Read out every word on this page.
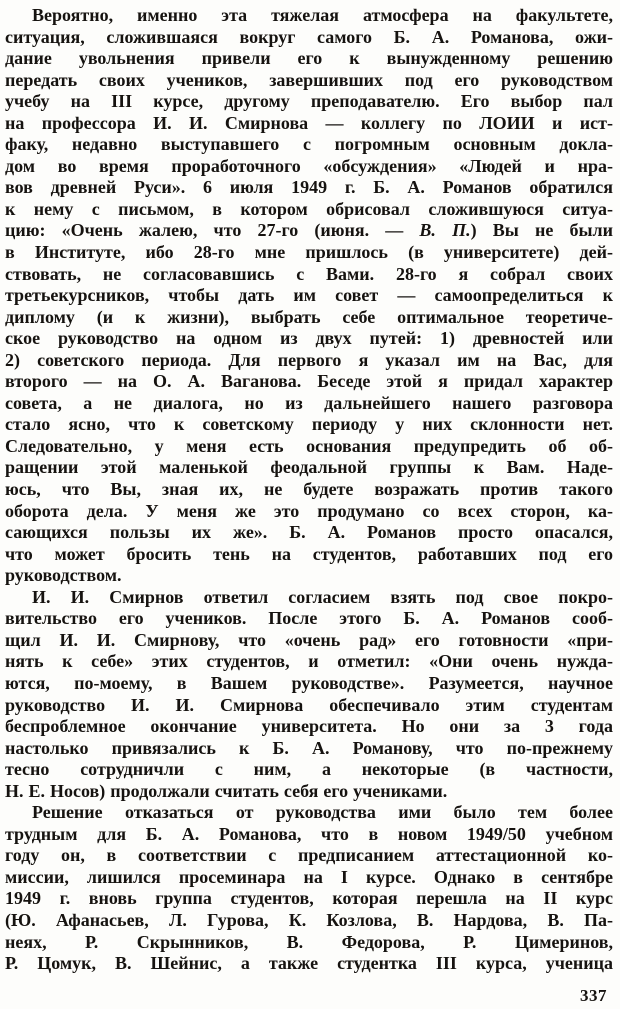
Вероятно, именно эта тяжелая атмосфера на факультете,
ситуация, сложившаяся вокруг самого Б. А. Романова, ожи-
дание увольнения привели его к вынужденному решению
передать своих учеников, завершивших под его руководством
учебу на III курсе, другому преподавателю. Его выбор пал
на профессора И. И. Смирнова — коллегу по ЛОИИ и ист-
факу, недавно выступавшего с погромным основным докла-
дом во время проработочного «обсуждения» «Людей и нра-
вов древней Руси». 6 июля 1949 г. Б. А. Романов обратился
к нему с письмом, в котором обрисовал сложившуюся ситуа-
цию: «Очень жалею, что 27-го (июня. — В. П.) Вы не были
в Институте, ибо 28-го мне пришлось (в университете) дей-
ствовать, не согласовавшись с Вами. 28-го я собрал своих
третьекурсников, чтобы дать им совет — самоопределиться к
диплому (и к жизни), выбрать себе оптимальное теоретиче-
ское руководство на одном из двух путей: 1) древностей или
2) советского периода. Для первого я указал им на Вас, для
второго — на О. А. Ваганова. Беседе этой я придал характер
совета, а не диалога, но из дальнейшего нашего разговора
стало ясно, что к советскому периоду у них склонности нет.
Следовательно, у меня есть основания предупредить об об-
ращении этой маленькой феодальной группы к Вам. Наде-
юсь, что Вы, зная их, не будете возражать против такого
оборота дела. У меня же это продумано со всех сторон, ка-
сающихся пользы их же». Б. А. Романов просто опасался,
что может бросить тень на студентов, работавших под его
руководством.
И. И. Смирнов ответил согласием взять под свое покро-
вительство его учеников. После этого Б. А. Романов сооб-
щил И. И. Смирнову, что «очень рад» его готовности «при-
нять к себе» этих студентов, и отметил: «Они очень нужда-
ются, по-моему, в Вашем руководстве». Разумеется, научное
руководство И. И. Смирнова обеспечивало этим студентам
беспроблемное окончание университета. Но они за 3 года
настолько привязались к Б. А. Романову, что по-прежнему
тесно сотрудничли с ним, а некоторые (в частности,
Н. Е. Носов) продолжали считать себя его учениками.
Решение отказаться от руководства ими было тем более
трудным для Б. А. Романова, что в новом 1949/50 учебном
году он, в соответствии с предписанием аттестационной ко-
миссии, лишился просеминара на I курсе. Однако в сентябре
1949 г. вновь группа студентов, которая перешла на II курс
(Ю. Афанасьев, Л. Гурова, К. Козлова, В. Нардова, В. Па-
неях, Р. Скрынников, В. Федорова, Р. Цимеринов,
Р. Цомук, В. Шейнис, а также студентка III курса, ученица
337
